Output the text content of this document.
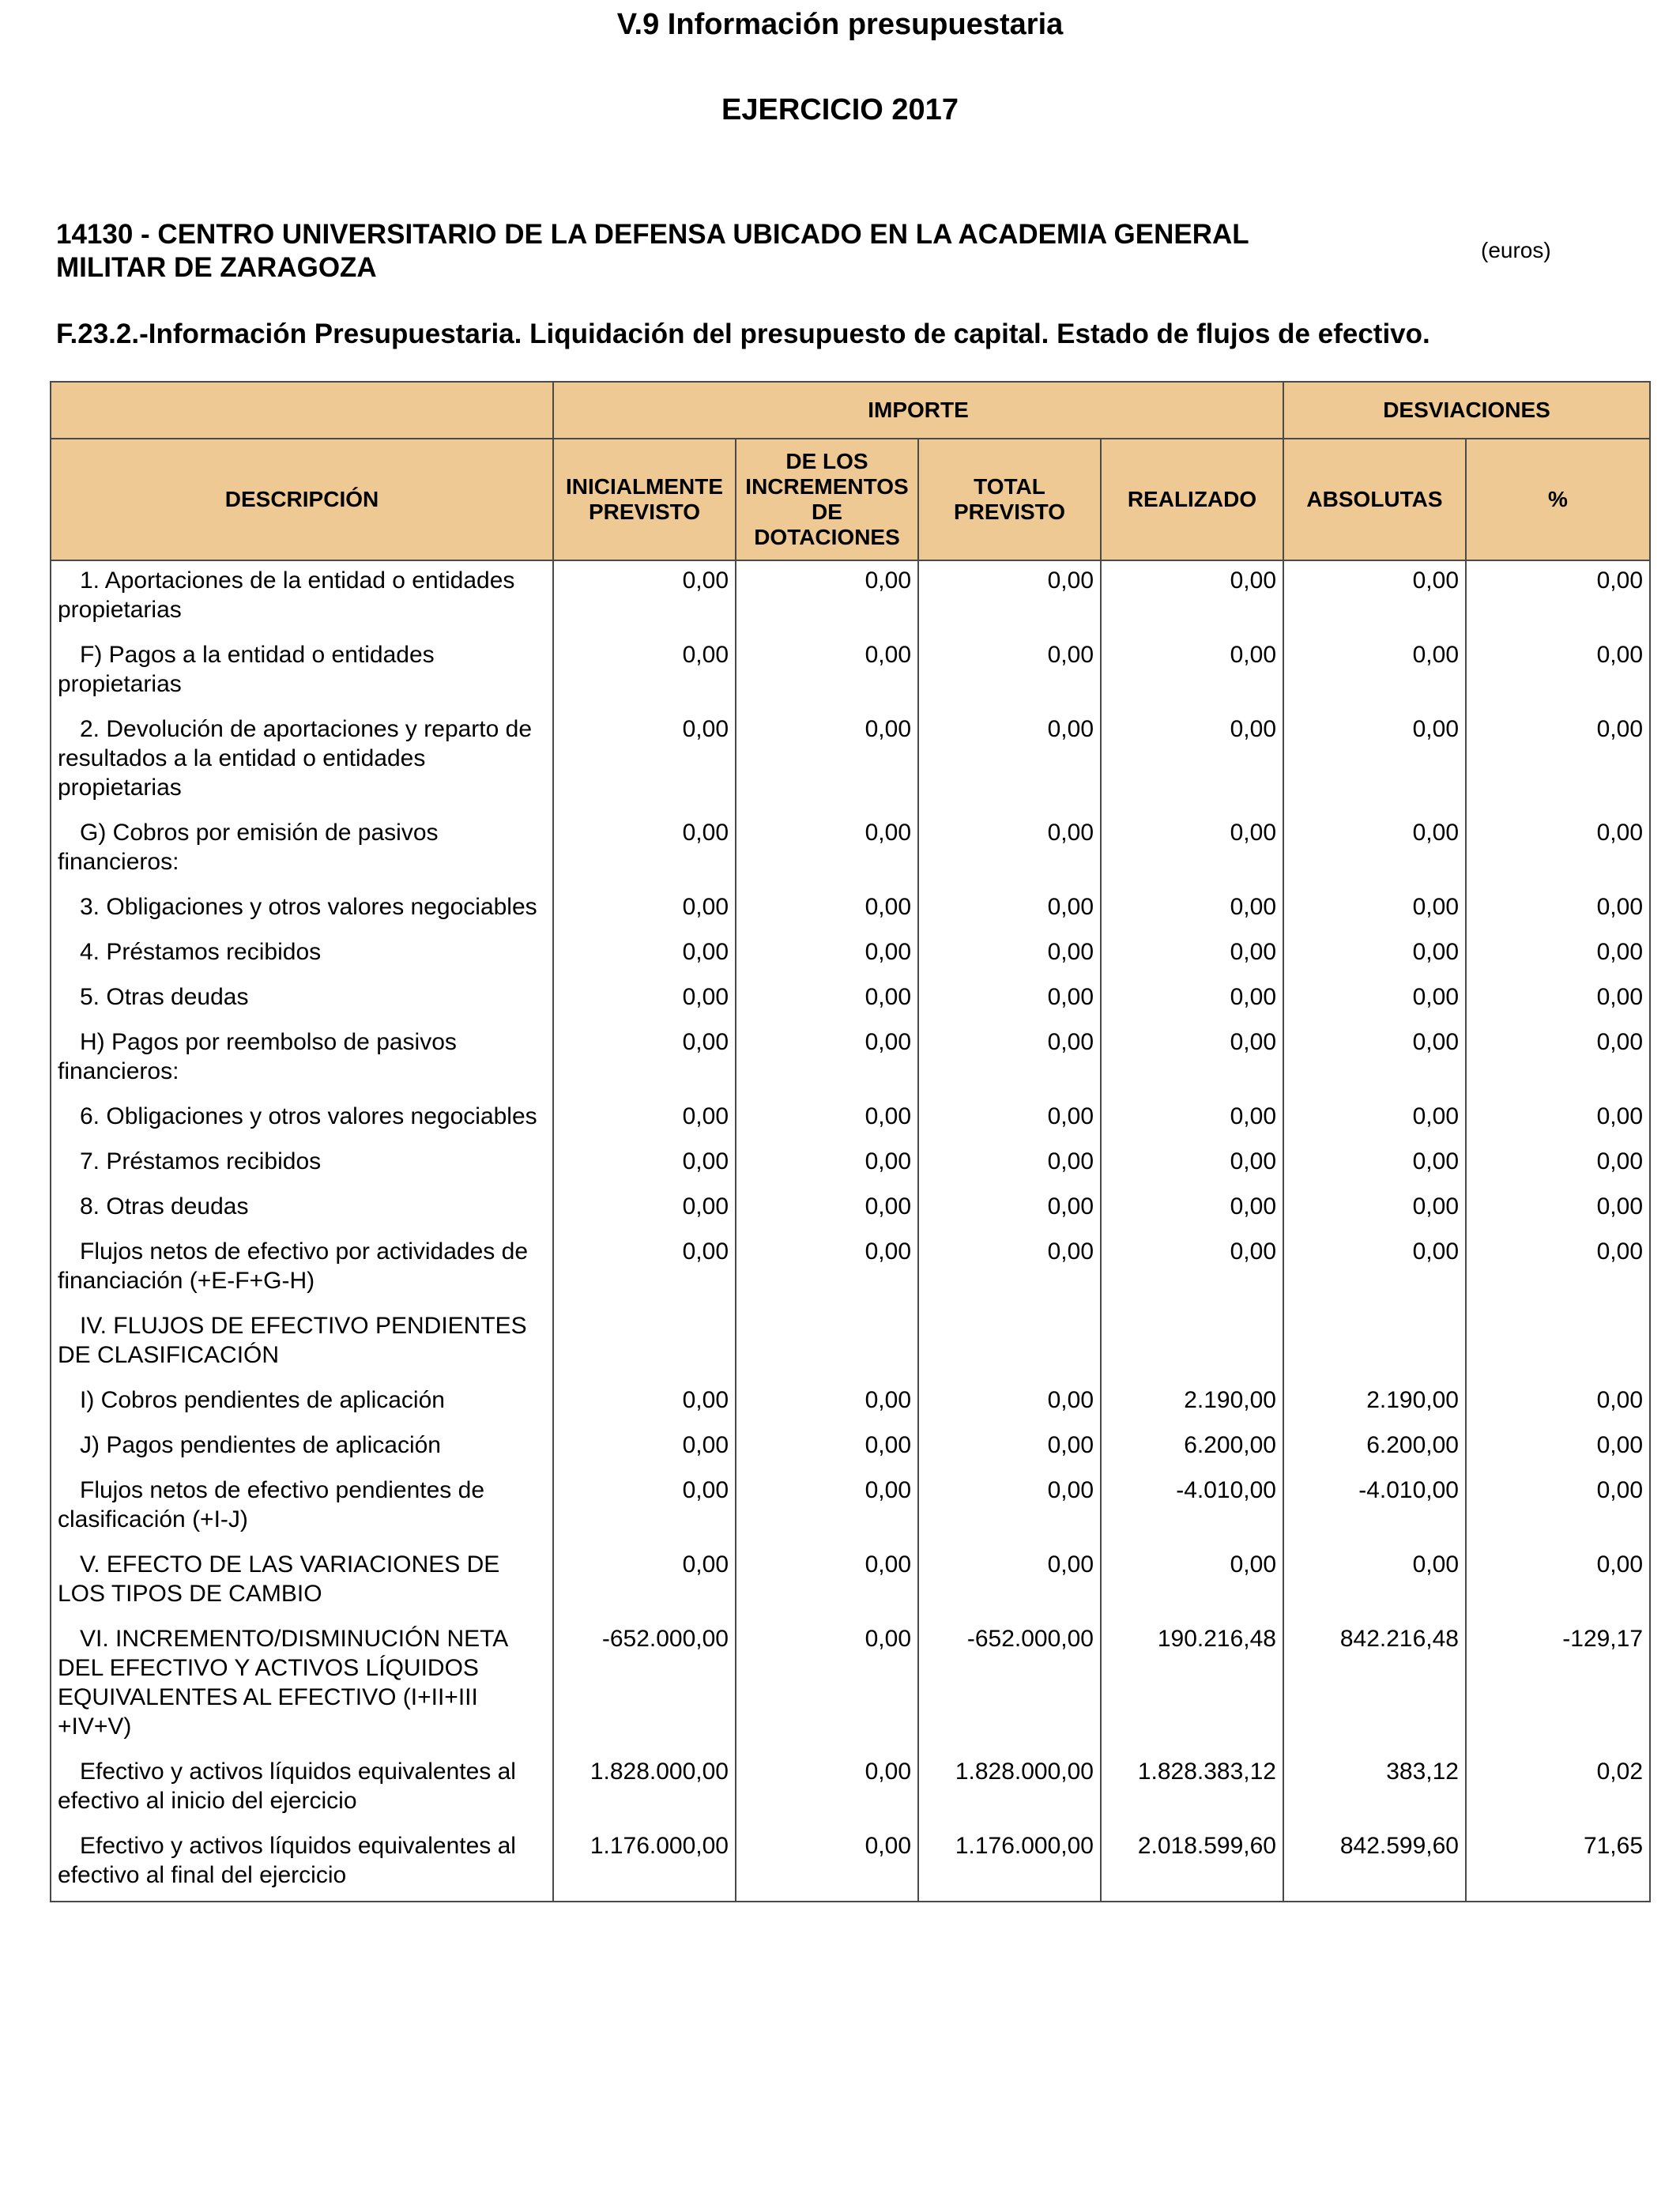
V.9 Información presupuestaria
EJERCICIO 2017
14130 - CENTRO UNIVERSITARIO DE LA DEFENSA UBICADO EN LA ACADEMIA GENERAL MILITAR DE ZARAGOZA
(euros)
F.23.2.-Información Presupuestaria. Liquidación del presupuesto de capital. Estado de flujos de efectivo.
	IMPORTE				DESVIACIONES	
DESCRIPCIÓN	INICIALMENTE PREVISTO	DE LOS INCREMENTOS DE DOTACIONES	TOTAL PREVISTO	REALIZADO	ABSOLUTAS	%
1. Aportaciones de la entidad o entidades propietarias	0,00	0,00	0,00	0,00	0,00	0,00
F) Pagos a la entidad o entidades propietarias	0,00	0,00	0,00	0,00	0,00	0,00
2. Devolución de aportaciones y reparto de resultados a la entidad o entidades propietarias	0,00	0,00	0,00	0,00	0,00	0,00
G) Cobros por emisión de pasivos financieros:	0,00	0,00	0,00	0,00	0,00	0,00
3. Obligaciones y otros valores negociables	0,00	0,00	0,00	0,00	0,00	0,00
4. Préstamos recibidos	0,00	0,00	0,00	0,00	0,00	0,00
5. Otras deudas	0,00	0,00	0,00	0,00	0,00	0,00
H) Pagos por reembolso de pasivos financieros:	0,00	0,00	0,00	0,00	0,00	0,00
6. Obligaciones y otros valores negociables	0,00	0,00	0,00	0,00	0,00	0,00
7. Préstamos recibidos	0,00	0,00	0,00	0,00	0,00	0,00
8. Otras deudas	0,00	0,00	0,00	0,00	0,00	0,00
Flujos netos de efectivo por actividades de financiación (+E-F+G-H)	0,00	0,00	0,00	0,00	0,00	0,00
IV. FLUJOS DE EFECTIVO PENDIENTES DE CLASIFICACIÓN						
I) Cobros pendientes de aplicación	0,00	0,00	0,00	2.190,00	2.190,00	0,00
J) Pagos pendientes de aplicación	0,00	0,00	0,00	6.200,00	6.200,00	0,00
Flujos netos de efectivo pendientes de clasificación (+I-J)	0,00	0,00	0,00	-4.010,00	-4.010,00	0,00
V. EFECTO DE LAS VARIACIONES DE LOS TIPOS DE CAMBIO	0,00	0,00	0,00	0,00	0,00	0,00
VI. INCREMENTO/DISMINUCIÓN NETA DEL EFECTIVO Y ACTIVOS LÍQUIDOS EQUIVALENTES AL EFECTIVO (I+II+III +IV+V)	-652.000,00	0,00	-652.000,00	190.216,48	842.216,48	-129,17
Efectivo y activos líquidos equivalentes al efectivo al inicio del ejercicio	1.828.000,00	0,00	1.828.000,00	1.828.383,12	383,12	0,02
Efectivo y activos líquidos equivalentes al efectivo al final del ejercicio	1.176.000,00	0,00	1.176.000,00	2.018.599,60	842.599,60	71,65
